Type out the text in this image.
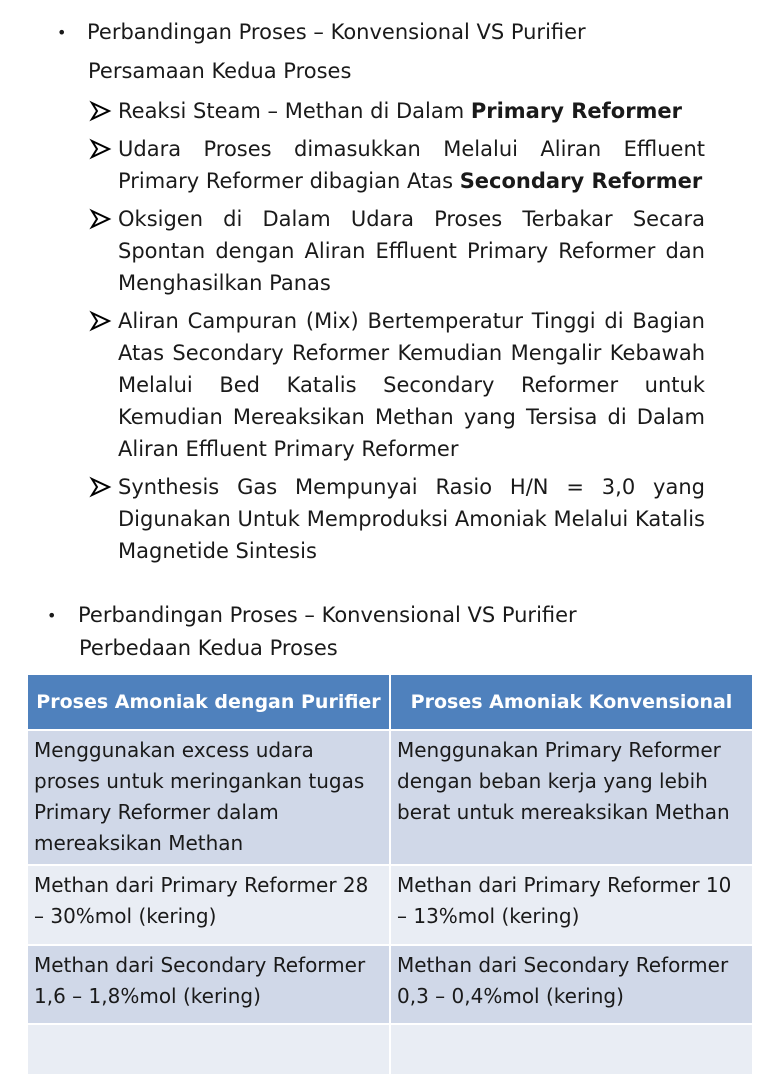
• Perbandingan Proses – Konvensional VS Purifier
Persamaan Kedua Proses
Reaksi Steam – Methan di Dalam Primary Reformer
Udara Proses dimasukkan Melalui Aliran Effluent Primary Reformer dibagian Atas Secondary Reformer
Oksigen di Dalam Udara Proses Terbakar Secara Spontan dengan Aliran Effluent Primary Reformer dan Menghasilkan Panas
Aliran Campuran (Mix) Bertemperatur Tinggi di Bagian Atas Secondary Reformer Kemudian Mengalir Kebawah Melalui Bed Katalis Secondary Reformer untuk Kemudian Mereaksikan Methan yang Tersisa di Dalam Aliran Effluent Primary Reformer
Synthesis Gas Mempunyai Rasio H/N = 3,0 yang Digunakan Untuk Memproduksi Amoniak Melalui Katalis Magnetide Sintesis
• Perbandingan Proses – Konvensional VS Purifier
Perbedaan Kedua Proses
Proses Amoniak dengan Purifier	Proses Amoniak Konvensional
Menggunakan excess udara proses untuk meringankan tugas Primary Reformer dalam mereaksikan Methan	Menggunakan Primary Reformer dengan beban kerja yang lebih berat untuk mereaksikan Methan
Methan dari Primary Reformer 28 – 30%mol (kering)	Methan dari Primary Reformer 10 – 13%mol (kering)
Methan dari Secondary Reformer 1,6 – 1,8%mol (kering)	Methan dari Secondary Reformer 0,3 – 0,4%mol (kering)
